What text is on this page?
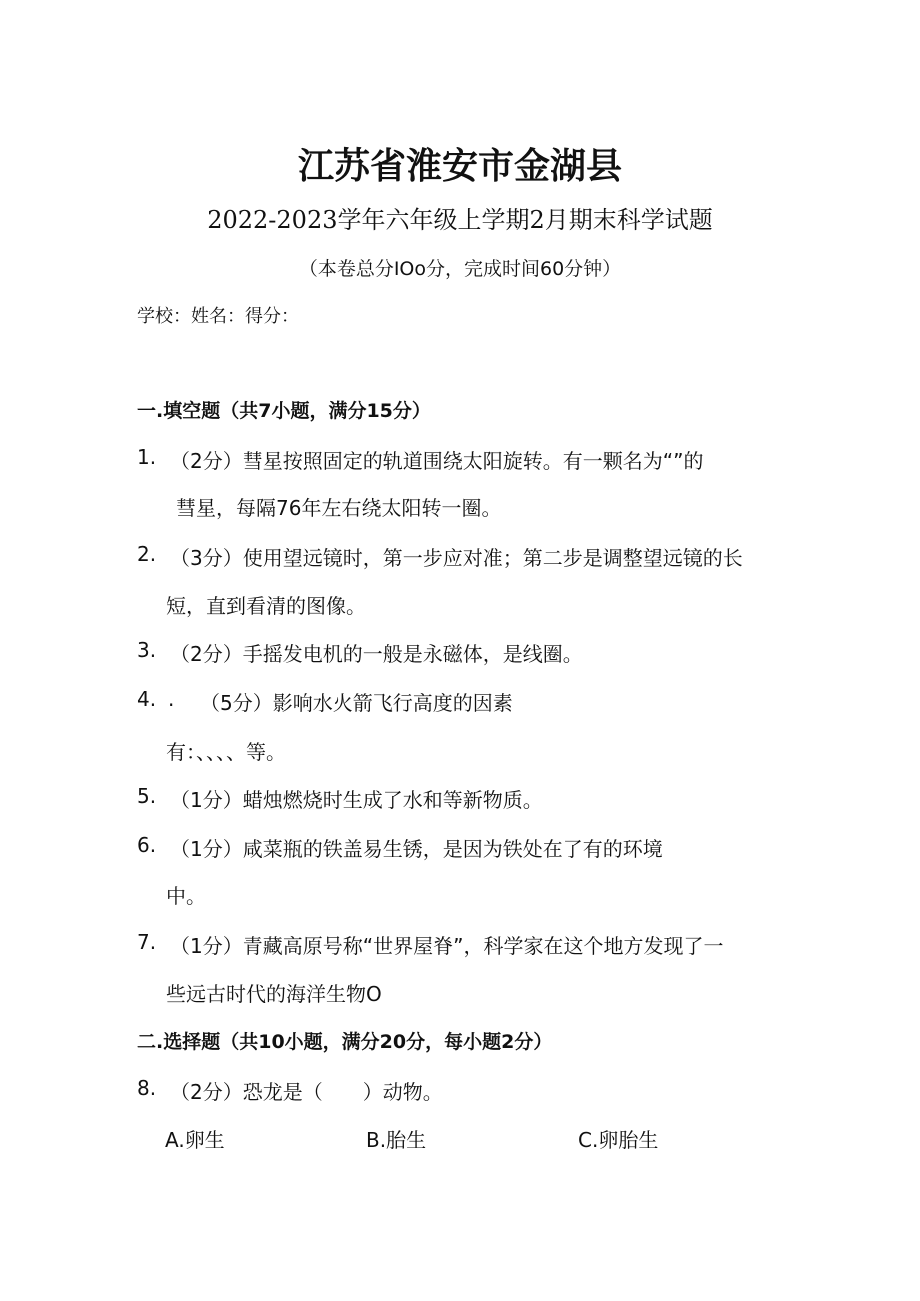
江苏省淮安市金湖县
2022-2023学年六年级上学期2月期末科学试题
（本卷总分IOo分，完成时间60分钟）
学校：姓名：得分：
一.填空题（共7小题，满分15分）
1. （2分）彗星按照固定的轨道围绕太阳旋转。有一颗名为“”的
彗星，每隔76年左右绕太阳转一圈。
2. （3分）使用望远镜时，第一步应对准；第二步是调整望远镜的长
短，直到看清的图像。
3. （2分）手摇发电机的一般是永磁体，是线圈。
4. . （5分）影响水火箭飞行高度的因素
有：、、、、等。
5. （1分）蜡烛燃烧时生成了水和等新物质。
6. （1分）咸菜瓶的铁盖易生锈，是因为铁处在了有的环境
中。
7. （1分）青藏高原号称“世界屋脊”，科学家在这个地方发现了一
些远古时代的海洋生物O
二.选择题（共10小题，满分20分，每小题2分）
8. （2分）恐龙是（　　）动物。
A.卵生	B.胎生	C.卵胎生
